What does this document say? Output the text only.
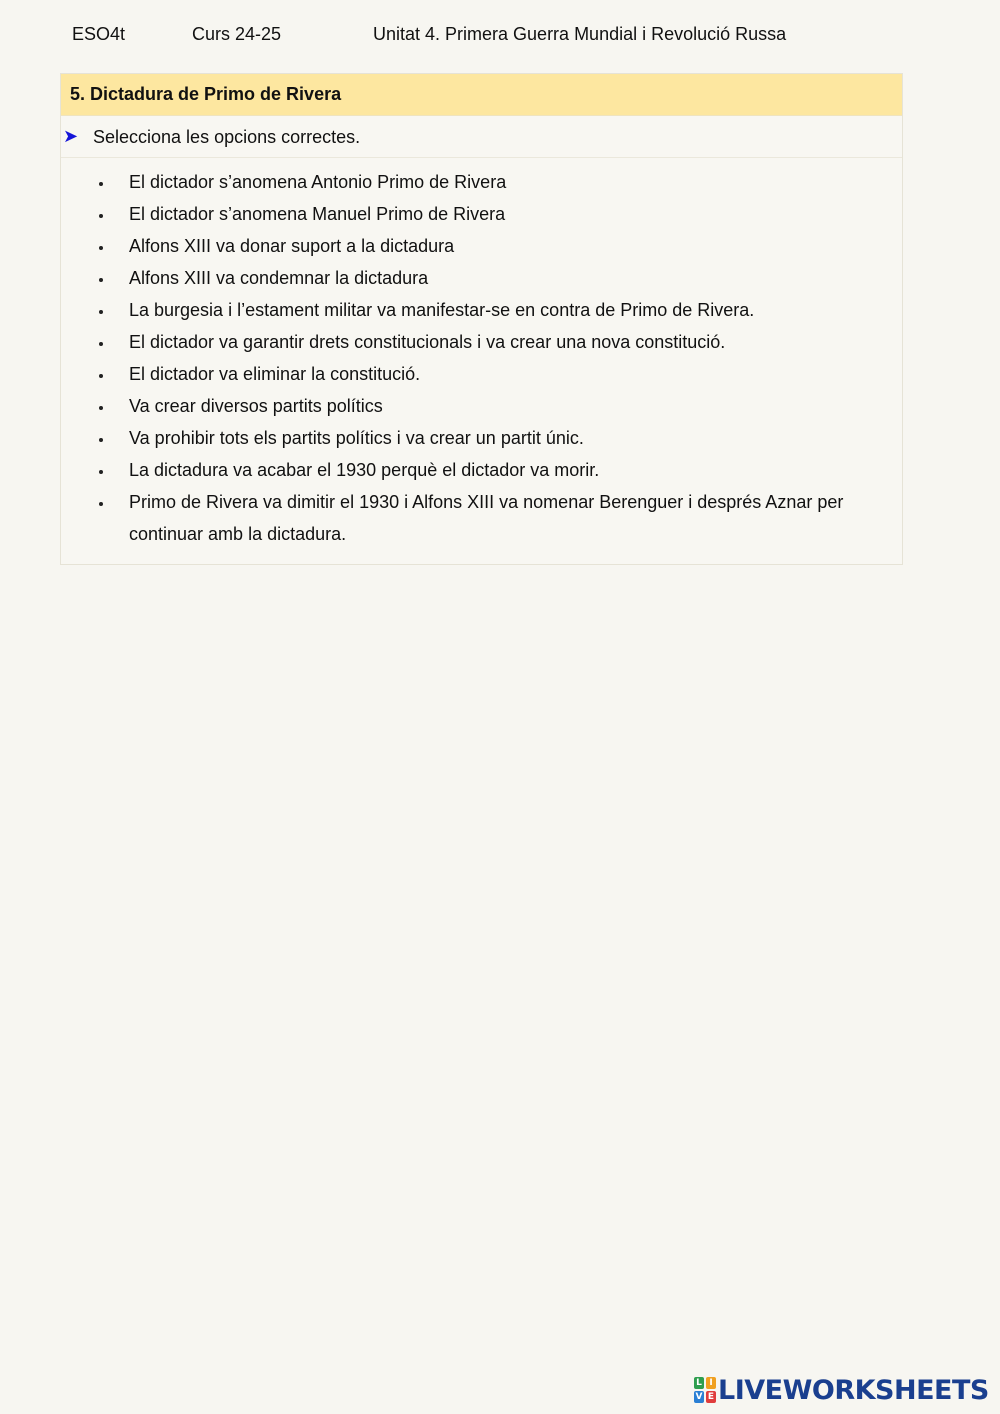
ESO4t	Curs 24-25	Unitat 4. Primera Guerra Mundial i Revolució Russa
5. Dictadura de Primo de Rivera
➤ Selecciona les opcions correctes.
El dictador s’anomena Antonio Primo de Rivera
El dictador s’anomena Manuel Primo de Rivera
Alfons XIII va donar suport a la dictadura
Alfons XIII va condemnar la dictadura
La burgesia i l’estament militar va manifestar-se en contra de Primo de Rivera.
El dictador va garantir drets constitucionals i va crear una nova constitució.
El dictador va eliminar la constitució.
Va crear diversos partits polítics
Va prohibir tots els partits polítics i va crear un partit únic.
La dictadura va acabar el 1930 perquè el dictador va morir.
Primo de Rivera va dimitir el 1930 i Alfons XIII va nomenar Berenguer i després Aznar per continuar amb la dictadura.
L I
V E LIVEWORKSHEETS
